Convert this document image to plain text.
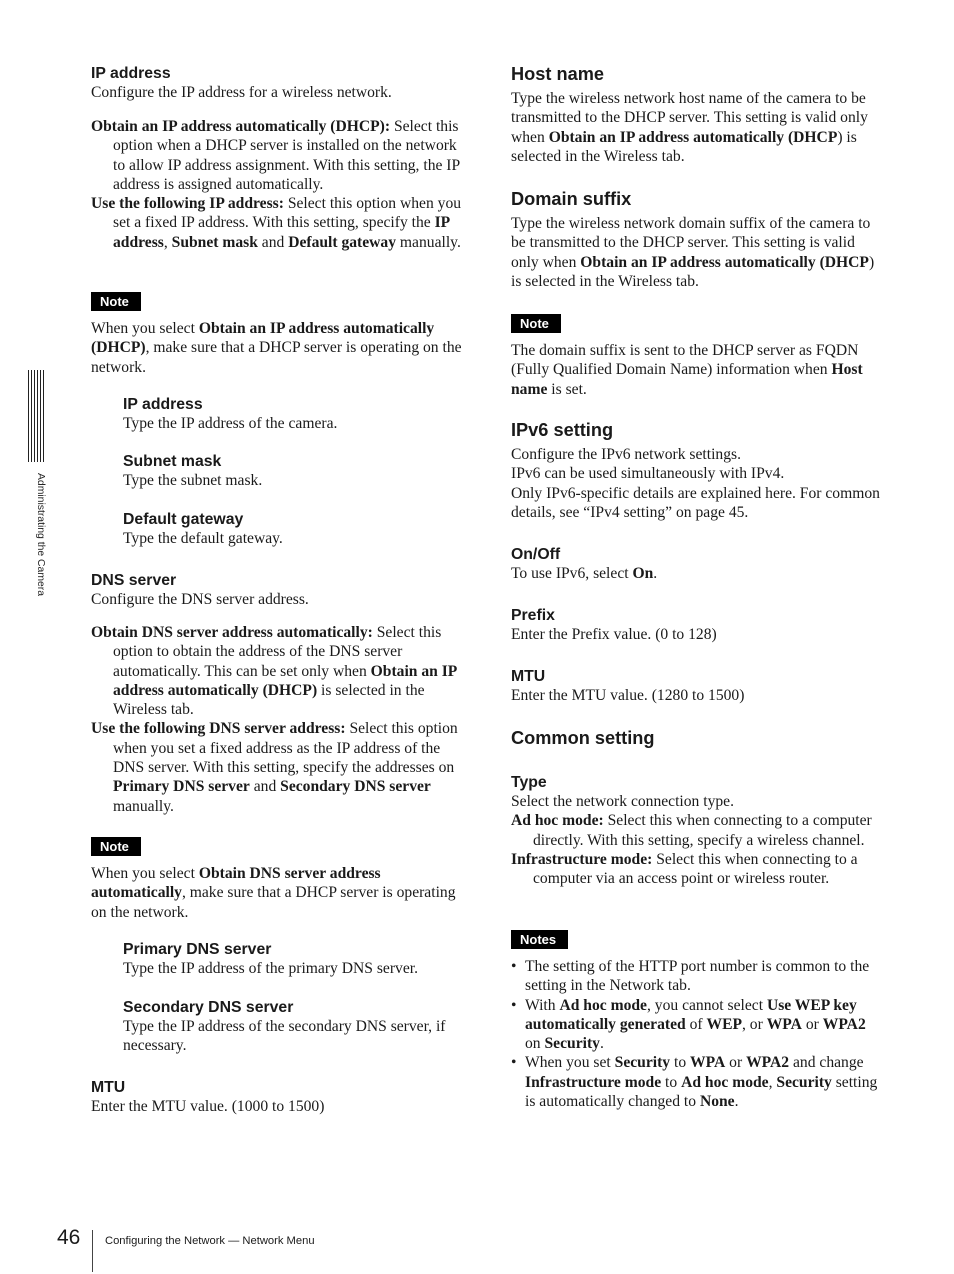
Administrating the Camera
IP address

Configure the IP address for a wireless network.

Obtain an IP address automatically (DHCP): Select this option when a DHCP server is installed on the network to allow IP address assignment. With this setting, the IP address is assigned automatically.

Use the following IP address: Select this option when you set a fixed IP address. With this setting, specify the IP address, Subnet mask and Default gateway manually.

Note

When you select Obtain an IP address automatically (DHCP), make sure that a DHCP server is operating on the network.

IP address

Type the IP address of the camera.

Subnet mask

Type the subnet mask.

Default gateway

Type the default gateway.

DNS server

Configure the DNS server address.

Obtain DNS server address automatically: Select this option to obtain the address of the DNS server automatically. This can be set only when Obtain an IP address automatically (DHCP) is selected in the Wireless tab.

Use the following DNS server address: Select this option when you set a fixed address as the IP address of the DNS server. With this setting, specify the addresses on Primary DNS server and Secondary DNS server manually.

Note

When you select Obtain DNS server address automatically, make sure that a DHCP server is operating on the network.

Primary DNS server

Type the IP address of the primary DNS server.

Secondary DNS server

Type the IP address of the secondary DNS server, if necessary.

MTU

Enter the MTU value. (1000 to 1500)

Host name

Type the wireless network host name of the camera to be transmitted to the DHCP server. This setting is valid only when Obtain an IP address automatically (DHCP) is selected in the Wireless tab.

Domain suffix

Type the wireless network domain suffix of the camera to be transmitted to the DHCP server. This setting is valid only when Obtain an IP address automatically (DHCP) is selected in the Wireless tab.

Note

The domain suffix is sent to the DHCP server as FQDN (Fully Qualified Domain Name) information when Host name is set.

IPv6 setting

Configure the IPv6 network settings.

IPv6 can be used simultaneously with IPv4.

Only IPv6-specific details are explained here. For common details, see “IPv4 setting” on page 45.

On/Off

To use IPv6, select On.

Prefix

Enter the Prefix value. (0 to 128)

MTU

Enter the MTU value. (1280 to 1500)

Common setting
Type

Select the network connection type.

Ad hoc mode: Select this when connecting to a computer directly. With this setting, specify a wireless channel.

Infrastructure mode: Select this when connecting to a computer via an access point or wireless router.

Notes
• The setting of the HTTP port number is common to the setting in the Network tab.
• With Ad hoc mode, you cannot select Use WEP key automatically generated of WEP, or WPA or WPA2 on Security.
• When you set Security to WPA or WPA2 and change Infrastructure mode to Ad hoc mode, Security setting is automatically changed to None.
46 Configuring the Network — Network Menu
